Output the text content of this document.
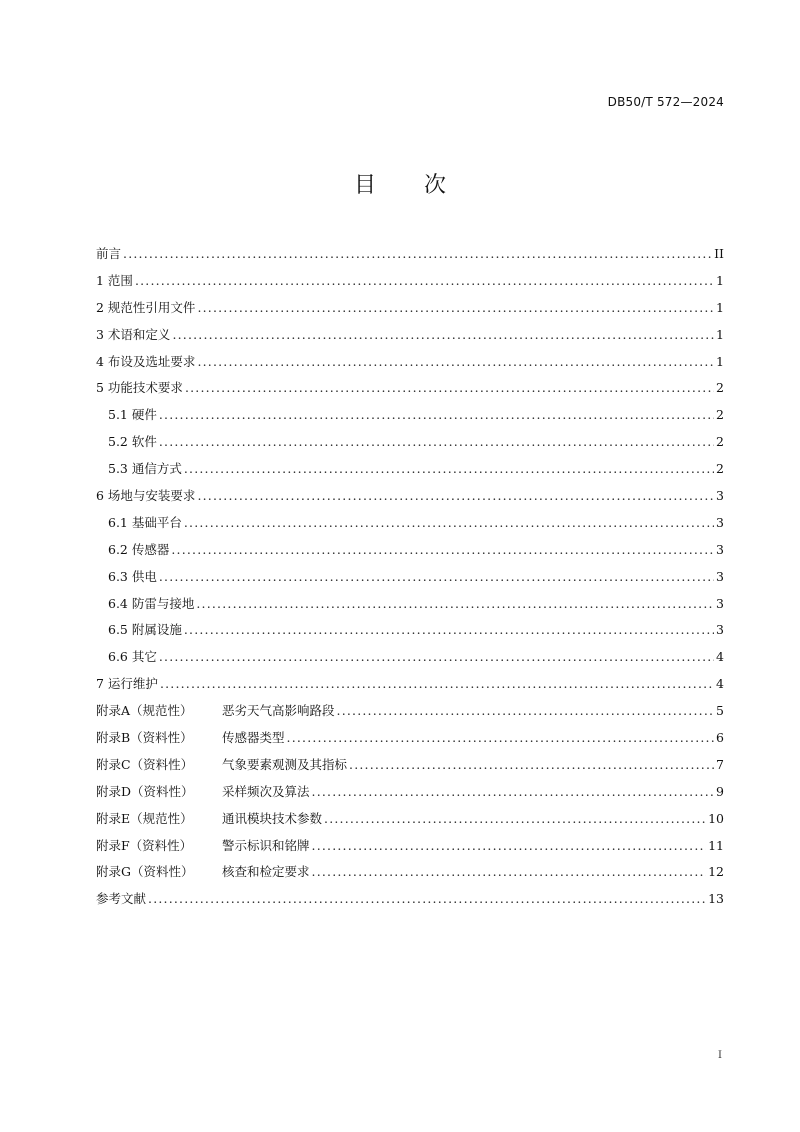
DB50/T 572—2024
目 次
前言 .....	II
1 范围 .....	1
2 规范性引用文件 .....	1
3 术语和定义 .....	1
4 布设及选址要求 .....	1
5 功能技术要求 .....	2
5.1 硬件 .....	2
5.2 软件 .....	2
5.3 通信方式 .....	2
6 场地与安装要求 .....	3
6.1 基础平台 .....	3
6.2 传感器 .....	3
6.3 供电 .....	3
6.4 防雷与接地 .....	3
6.5 附属设施 .....	3
6.6 其它 .....	4
7 运行维护 .....	4
附录A（规范性） 恶劣天气高影响路段 .....	5
附录B（资料性） 传感器类型 .....	6
附录C（资料性） 气象要素观测及其指标 .....	7
附录D（资料性） 采样频次及算法 .....	9
附录E（规范性） 通讯模块技术参数 .....	10
附录F（资料性） 警示标识和铭牌 .....	11
附录G（资料性） 核查和检定要求 .....	12
参考文献 .....	13
I
